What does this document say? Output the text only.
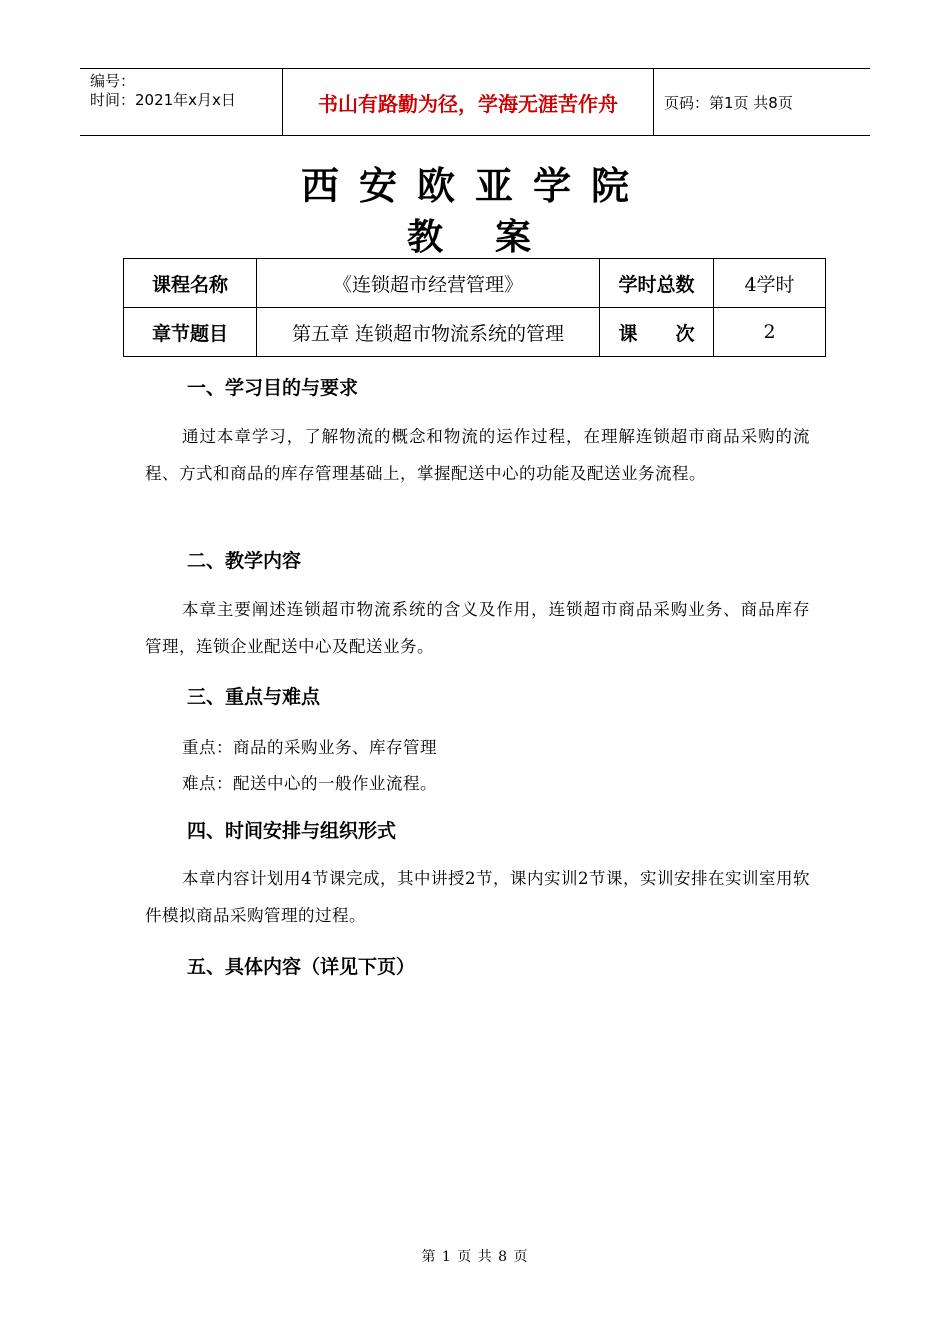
编号：
时间：2021年x月x日	书山有路勤为径，学海无涯苦作舟	页码：第1页 共8页
西安欧亚学院
教案
课程名称	《连锁超市经营管理》	学时总数	4学时
章节题目	第五章 连锁超市物流系统的管理	课　　次	2
一、学习目的与要求
通过本章学习，了解物流的概念和物流的运作过程，在理解连锁超市商品采购的流程、方式和商品的库存管理基础上，掌握配送中心的功能及配送业务流程。
二、教学内容
本章主要阐述连锁超市物流系统的含义及作用，连锁超市商品采购业务、商品库存管理，连锁企业配送中心及配送业务。
三、重点与难点
重点：商品的采购业务、库存管理
难点：配送中心的一般作业流程。
四、时间安排与组织形式
本章内容计划用4节课完成，其中讲授2节，课内实训2节课，实训安排在实训室用软件模拟商品采购管理的过程。
五、具体内容（详见下页）
第 1 页 共 8 页
